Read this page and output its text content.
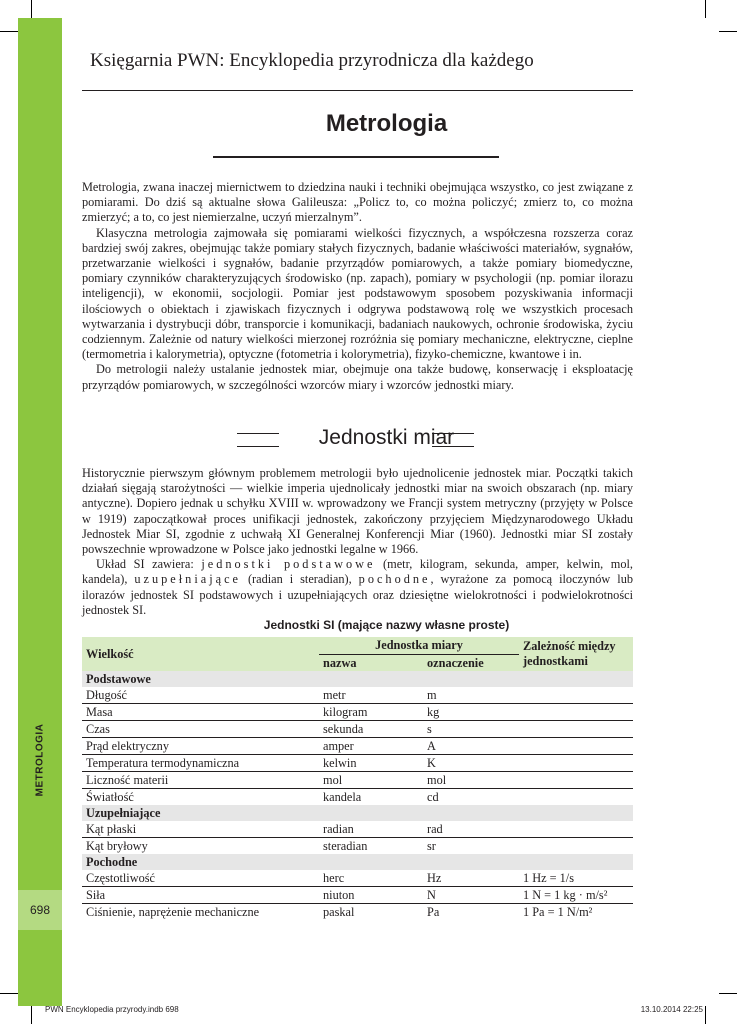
METROLOGIA
698
Księgarnia PWN: Encyklopedia przyrodnicza dla każdego
Metrologia

Metrologia, zwana inaczej miernictwem to dziedzina nauki i techniki obejmująca wszystko, co jest związane z pomiarami. Do dziś są aktualne słowa Galileusza: „Policz to, co można policzyć; zmierz to, co można zmierzyć; a to, co jest niemierzalne, uczyń mierzalnym”.

Klasyczna metrologia zajmowała się pomiarami wielkości fizycznych, a współczesna rozszerza coraz bardziej swój zakres, obejmując także pomiary stałych fizycznych, badanie właściwości materiałów, sygnałów, przetwarzanie wielkości i sygnałów, badanie przyrządów pomiarowych, a także pomiary biomedyczne, pomiary czynników charakteryzujących środowisko (np. zapach), pomiary w psychologii (np. pomiar ilorazu inteligencji), w ekonomii, socjologii. Pomiar jest podstawowym sposobem pozyskiwania informacji ilościowych o obiektach i zjawiskach fizycznych i odgrywa podstawową rolę we wszystkich procesach wytwarzania i dystrybucji dóbr, transporcie i komunikacji, badaniach naukowych, ochronie środowiska, życiu codziennym. Zależnie od natury wielkości mierzonej rozróżnia się pomiary mechaniczne, elektryczne, cieplne (termometria i kalorymetria), optyczne (fotometria i kolorymetria), fizyko-chemiczne, kwantowe i in.

Do metrologii należy ustalanie jednostek miar, obejmuje ona także budowę, konserwację i eksploatację przyrządów pomiarowych, w szczególności wzorców miary i wzorców jednostki miary.

Jednostki miar

Historycznie pierwszym głównym problemem metrologii było ujednolicenie jednostek miar. Początki takich działań sięgają starożytności — wielkie imperia ujednolicały jednostki miar na swoich obszarach (np. miary antyczne). Dopiero jednak u schyłku XVIII w. wprowadzony we Francji system metryczny (przyjęty w Polsce w 1919) zapoczątkował proces unifikacji jednostek, zakończony przyjęciem Międzynarodowego Układu Jednostek Miar SI, zgodnie z uchwałą XI Generalnej Konferencji Miar (1960). Jednostki miar SI zostały powszechnie wprowadzone w Polsce jako jednostki legalne w 1966.

Układ SI zawiera: jednostki podstawowe (metr, kilogram, sekunda, amper, kelwin, mol, kandela), uzupełniające (radian i steradian), pochodne, wyrażone za pomocą iloczynów lub ilorazów jednostek SI podstawowych i uzupełniających oraz dziesiętne wielokrotności i podwielokrotności jednostek SI.

Jednostki SI (mające nazwy własne proste)
Wielkość	Jednostka miary		Zależność między jednostkami
	nazwa	oznaczenie	
Podstawowe			
Długość	metr	m	
Masa	kilogram	kg	
Czas	sekunda	s	
Prąd elektryczny	amper	A	
Temperatura termodynamiczna	kelwin	K	
Liczność materii	mol	mol	
Światłość	kandela	cd	
Uzupełniające			
Kąt płaski	radian	rad	
Kąt bryłowy	steradian	sr	
Pochodne			
Częstotliwość	herc	Hz	1 Hz = 1/s
Siła	niuton	N	1 N = 1 kg · m/s²
Ciśnienie, naprężenie mechaniczne	paskal	Pa	1 Pa = 1 N/m²
PWN Encyklopedia przyrody.indb 698	13.10.2014 22:25
